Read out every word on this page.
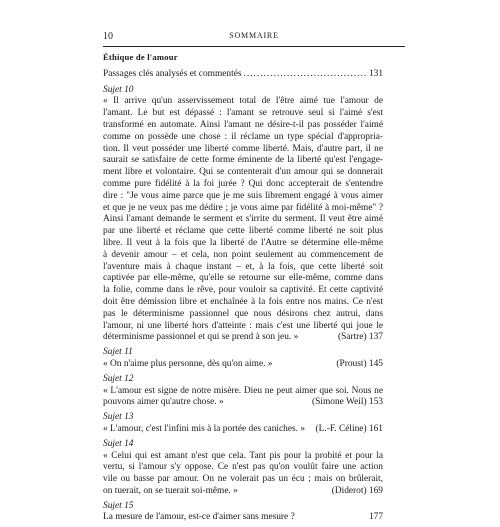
10	SOMMAIRE
Éthique de l'amour
Passages clés analysés et commentés
.....	131
Sujet 10
« Il arrive qu'un asservissement total de l'être aimé tue l'amour de
l'amant. Le but est dépassé : l'amant se retrouve seul si l'aimé s'est
transformé en automate. Ainsi l'amant ne désire-t-il pas posséder l'aimé
comme on possède une chose : il réclame un type spécial d'appropria-
tion. Il veut posséder une liberté comme liberté. Mais, d'autre part, il ne
saurait se satisfaire de cette forme éminente de la liberté qu'est l'engage-
ment libre et volontaire. Qui se contenterait d'un amour qui se donnerait
comme pure fidélité à la foi jurée ? Qui donc accepterait de s'entendre
dire : "Je vous aime parce que je me suis librement engagé à vous aimer
et que je ne veux pas me dédire ; je vous aime par fidélité à moi-même" ?
Ainsi l'amant demande le serment et s'irrite du serment. Il veut être aimé
par une liberté et réclame que cette liberté comme liberté ne soit plus
libre. Il veut à la fois que la liberté de l'Autre se détermine elle-même
à devenir amour – et cela, non point seulement au commencement de
l'aventure mais à chaque instant – et, à la fois, que cette liberté soit
captivée par elle-même, qu'elle se retourne sur elle-même, comme dans
la folie, comme dans le rêve, pour vouloir sa captivité. Et cette captivité
doit être démission libre et enchaînée à la fois entre nos mains. Ce n'est
pas le déterminisme passionnel que nous désirons chez autrui, dans
l'amour, ni une liberté hors d'atteinte : mais c'est une liberté qui joue le
déterminisme passionnel et qui se prend à son jeu. »	(Sartre) 137
Sujet 11
« On n'aime plus personne, dès qu'on aime. »	(Proust) 145
Sujet 12
« L'amour est signe de notre misère. Dieu ne peut aimer que soi. Nous ne
pouvons aimer qu'autre chose. »	(Simone Weil) 153
Sujet 13
« L'amour, c'est l'infini mis à la portée des caniches. » (L.-F. Céline) 161
Sujet 14
« Celui qui est amant n'est que cela. Tant pis pour la probité et pour la
vertu, si l'amour s'y oppose. Ce n'est pas qu'on voulût faire une action
vile ou basse par amour. On ne volerait pas un écu ; mais on brûlerait,
on tuerait, on se tuerait soi-même. »	(Diderot) 169
Sujet 15
La mesure de l'amour, est-ce d'aimer sans mesure ?	177
